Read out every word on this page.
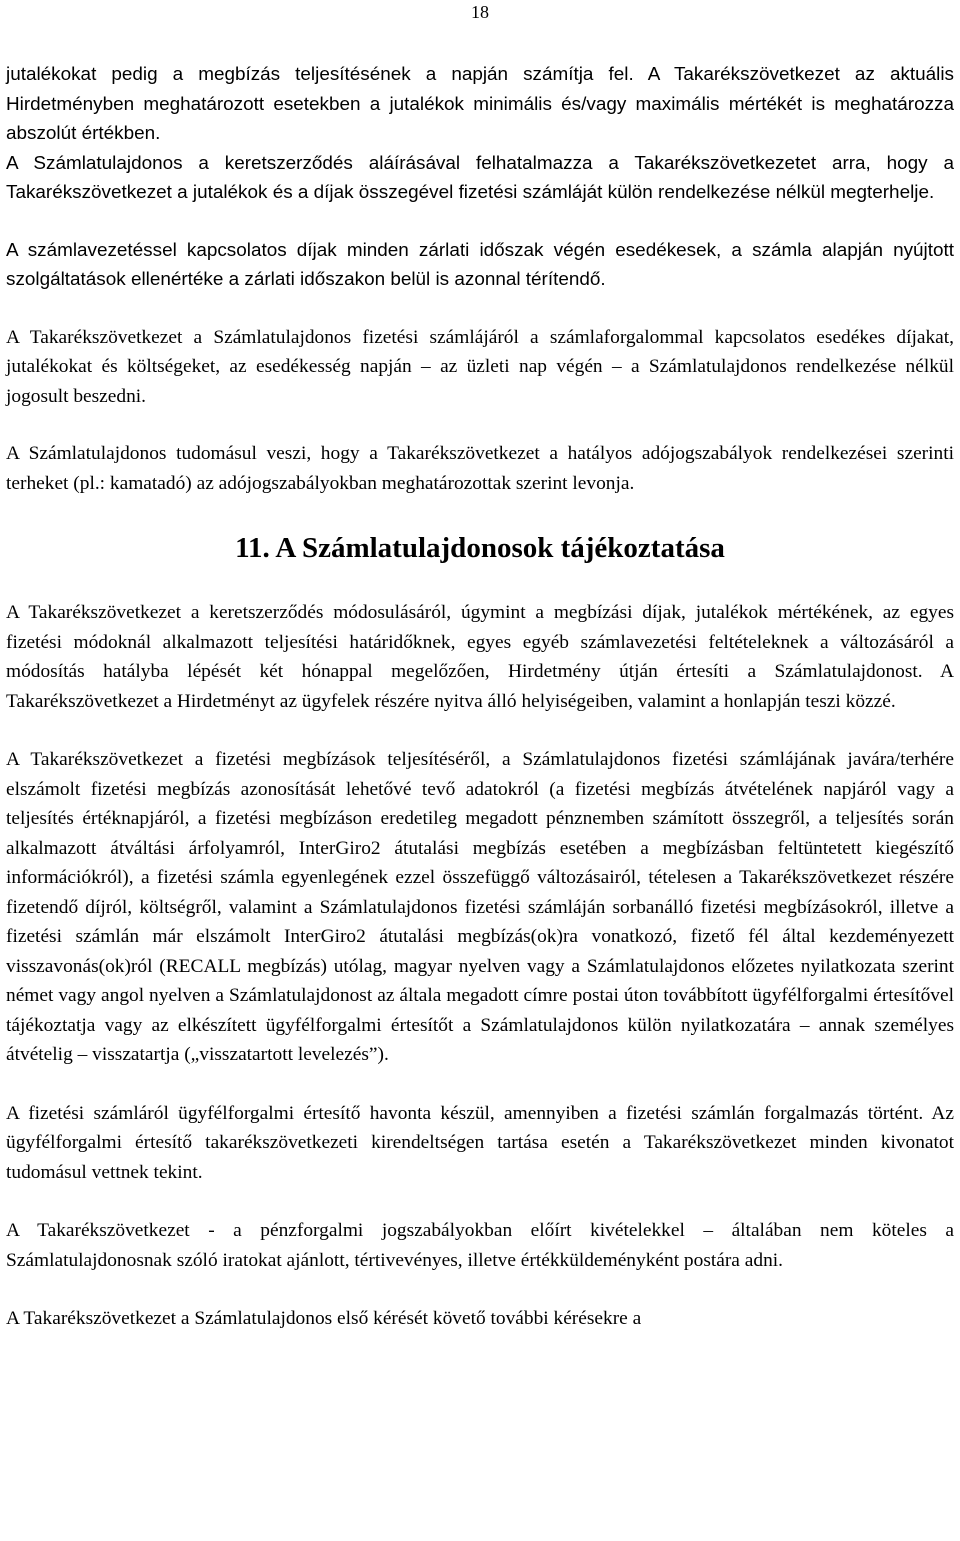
18

jutalékokat pedig a megbízás teljesítésének a napján számítja fel. A Takarékszövetkezet az aktuális Hirdetményben meghatározott esetekben a jutalékok minimális és/vagy maximális mértékét is meghatározza abszolút értékben.

A Számlatulajdonos a keretszerződés aláírásával felhatalmazza a Takarékszövetkezetet arra, hogy a Takarékszövetkezet a jutalékok és a díjak összegével fizetési számláját külön rendelkezése nélkül megterhelje.

A számlavezetéssel kapcsolatos díjak minden zárlati időszak végén esedékesek, a számla alapján nyújtott szolgáltatások ellenértéke a zárlati időszakon belül is azonnal térítendő.

A Takarékszövetkezet a Számlatulajdonos fizetési számlájáról a számlaforgalommal kapcsolatos esedékes díjakat, jutalékokat és költségeket, az esedékesség napján – az üzleti nap végén – a Számlatulajdonos rendelkezése nélkül jogosult beszedni.

A Számlatulajdonos tudomásul veszi, hogy a Takarékszövetkezet a hatályos adójogszabályok rendelkezései szerinti terheket (pl.: kamatadó) az adójogszabályokban meghatározottak szerint levonja.

11. A Számlatulajdonosok tájékoztatása

A Takarékszövetkezet a keretszerződés módosulásáról, úgymint a megbízási díjak, jutalékok mértékének, az egyes fizetési módoknál alkalmazott teljesítési határidőknek, egyes egyéb számlavezetési feltételeknek a változásáról a módosítás hatályba lépését két hónappal megelőzően, Hirdetmény útján értesíti a Számlatulajdonost. A Takarékszövetkezet a Hirdetményt az ügyfelek részére nyitva álló helyiségeiben, valamint a honlapján teszi közzé.

A Takarékszövetkezet a fizetési megbízások teljesítéséről, a Számlatulajdonos fizetési számlájának javára/terhére elszámolt fizetési megbízás azonosítását lehetővé tevő adatokról (a fizetési megbízás átvételének napjáról vagy a teljesítés értéknapjáról, a fizetési megbízáson eredetileg megadott pénznemben számított összegről, a teljesítés során alkalmazott átváltási árfolyamról, InterGiro2 átutalási megbízás esetében a megbízásban feltüntetett kiegészítő információkról), a fizetési számla egyenlegének ezzel összefüggő változásairól, tételesen a Takarékszövetkezet részére fizetendő díjról, költségről, valamint a Számlatulajdonos fizetési számláján sorbanálló fizetési megbízásokról, illetve a fizetési számlán már elszámolt InterGiro2 átutalási megbízás(ok)ra vonatkozó, fizető fél által kezdeményezett visszavonás(ok)ról (RECALL megbízás) utólag, magyar nyelven vagy a Számlatulajdonos előzetes nyilatkozata szerint német vagy angol nyelven a Számlatulajdonost az általa megadott címre postai úton továbbított ügyfélforgalmi értesítővel tájékoztatja vagy az elkészített ügyfélforgalmi értesítőt a Számlatulajdonos külön nyilatkozatára – annak személyes átvételig – visszatartja („visszatartott levelezés”).

A fizetési számláról ügyfélforgalmi értesítő havonta készül, amennyiben a fizetési számlán forgalmazás történt. Az ügyfélforgalmi értesítő takarékszövetkezeti kirendeltségen tartása esetén a Takarékszövetkezet minden kivonatot tudomásul vettnek tekint.

A Takarékszövetkezet - a pénzforgalmi jogszabályokban előírt kivételekkel – általában nem köteles a Számlatulajdonosnak szóló iratokat ajánlott, tértivevényes, illetve értékküldeményként postára adni.

A Takarékszövetkezet a Számlatulajdonos első kérését követő további kérésekre a
